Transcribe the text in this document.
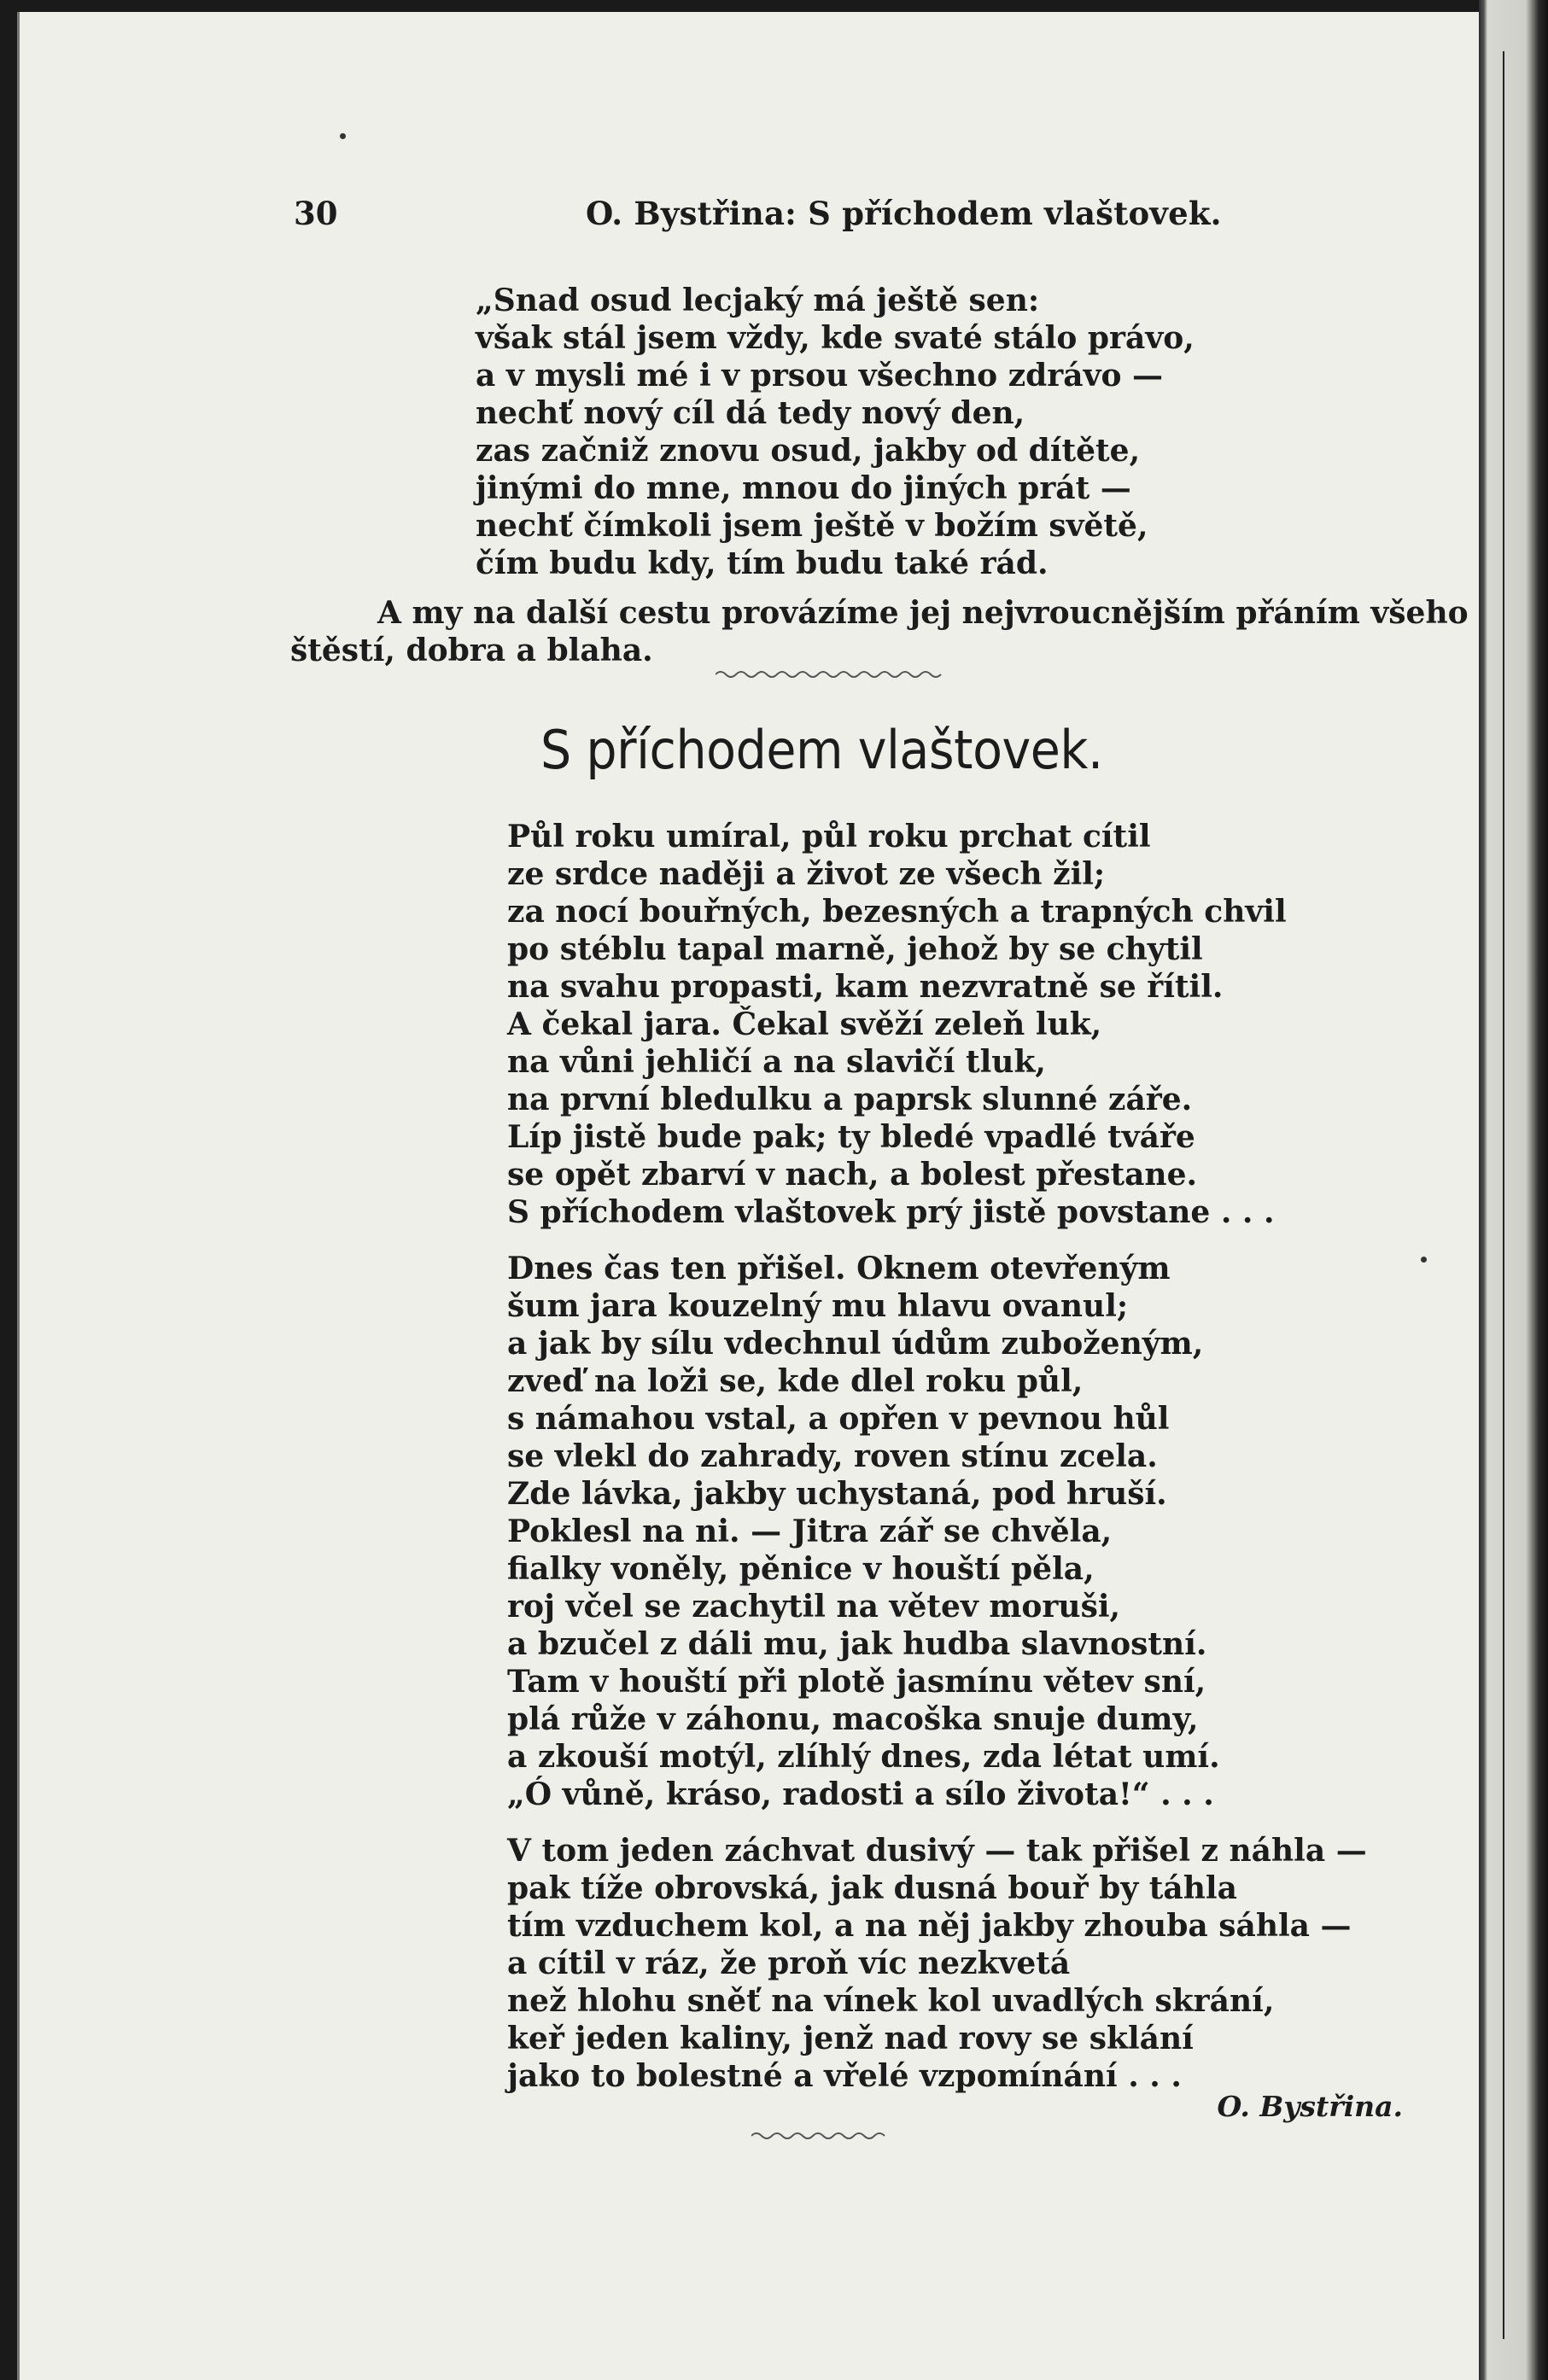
30	O. Bystřina: S příchodem vlaštovek.
„Snad osud lecjaký má ještě sen:
však stál jsem vždy, kde svaté stálo právo,
a v mysli mé i v prsou všechno zdrávo —
nechť nový cíl dá tedy nový den,
zas začniž znovu osud, jakby od dítěte,
jinými do mne, mnou do jiných prát —
nechť čímkoli jsem ještě v božím světě,
čím budu kdy, tím budu také rád.
A my na další cestu provázíme jej nejvroucnějším přáním všeho
štěstí, dobra a blaha.
S příchodem vlaštovek.
Půl roku umíral, půl roku prchat cítil
ze srdce naději a život ze všech žil;
za nocí bouřných, bezesných a trapných chvil
po stéblu tapal marně, jehož by se chytil
na svahu propasti, kam nezvratně se řítil.
A čekal jara. Čekal svěží zeleň luk,
na vůni jehličí a na slavičí tluk,
na první bledulku a paprsk slunné záře.
Líp jistě bude pak; ty bledé vpadlé tváře
se opět zbarví v nach, a bolest přestane.
S příchodem vlaštovek prý jistě povstane . . .
Dnes čas ten přišel. Oknem otevřeným
šum jara kouzelný mu hlavu ovanul;
a jak by sílu vdechnul údům zuboženým,
zveď na loži se, kde dlel roku půl,
s námahou vstal, a opřen v pevnou hůl
se vlekl do zahrady, roven stínu zcela.
Zde lávka, jakby uchystaná, pod hruší.
Poklesl na ni. — Jitra zář se chvěla,
fialky voněly, pěnice v houští pěla,
roj včel se zachytil na větev moruši,
a bzučel z dáli mu, jak hudba slavnostní.
Tam v houští při plotě jasmínu větev sní,
plá růže v záhonu, macoška snuje dumy,
a zkouší motýl, zlíhlý dnes, zda létat umí.
„Ó vůně, kráso, radosti a sílo života!“ . . .
V tom jeden záchvat dusivý — tak přišel z náhla —
pak tíže obrovská, jak dusná bouř by táhla
tím vzduchem kol, a na něj jakby zhouba sáhla —
a cítil v ráz, že proň víc nezkvetá
než hlohu sněť na vínek kol uvadlých skrání,
keř jeden kaliny, jenž nad rovy se sklání
jako to bolestné a vřelé vzpomínání . . .
O. Bystřina.
